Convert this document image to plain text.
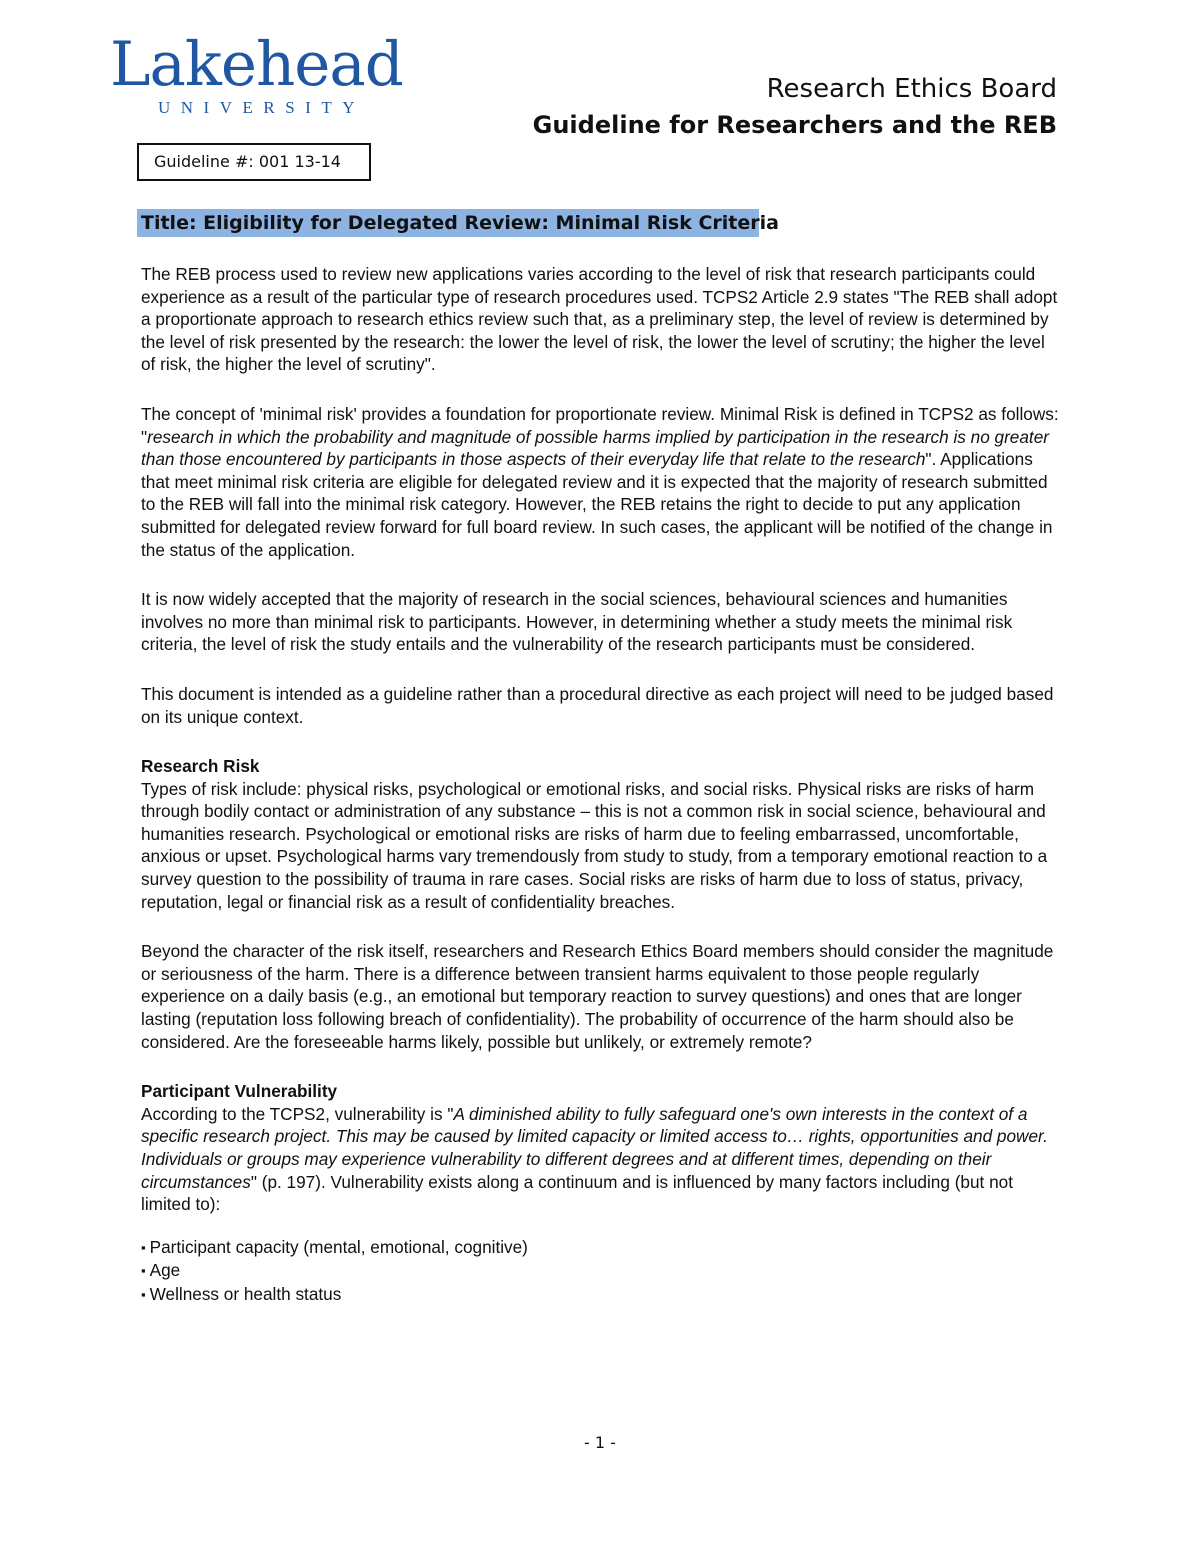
Lakehead
UNIVERSITY
Research Ethics Board
Guideline for Researchers and the REB
Guideline #: 001 13-14
Title: Eligibility for Delegated Review: Minimal Risk Criteria

The REB process used to review new applications varies according to the level of risk that research participants could experience as a result of the particular type of research procedures used. TCPS2 Article 2.9 states "The REB shall adopt a proportionate approach to research ethics review such that, as a preliminary step, the level of review is determined by the level of risk presented by the research: the lower the level of risk, the lower the level of scrutiny; the higher the level of risk, the higher the level of scrutiny".

The concept of 'minimal risk' provides a foundation for proportionate review. Minimal Risk is defined in TCPS2 as follows: "research in which the probability and magnitude of possible harms implied by participation in the research is no greater than those encountered by participants in those aspects of their everyday life that relate to the research". Applications that meet minimal risk criteria are eligible for delegated review and it is expected that the majority of research submitted to the REB will fall into the minimal risk category. However, the REB retains the right to decide to put any application submitted for delegated review forward for full board review. In such cases, the applicant will be notified of the change in the status of the application.

It is now widely accepted that the majority of research in the social sciences, behavioural sciences and humanities involves no more than minimal risk to participants. However, in determining whether a study meets the minimal risk criteria, the level of risk the study entails and the vulnerability of the research participants must be considered.

This document is intended as a guideline rather than a procedural directive as each project will need to be judged based on its unique context.

Research Risk

Types of risk include: physical risks, psychological or emotional risks, and social risks. Physical risks are risks of harm through bodily contact or administration of any substance – this is not a common risk in social science, behavioural and humanities research. Psychological or emotional risks are risks of harm due to feeling embarrassed, uncomfortable, anxious or upset. Psychological harms vary tremendously from study to study, from a temporary emotional reaction to a survey question to the possibility of trauma in rare cases. Social risks are risks of harm due to loss of status, privacy, reputation, legal or financial risk as a result of confidentiality breaches.

Beyond the character of the risk itself, researchers and Research Ethics Board members should consider the magnitude or seriousness of the harm. There is a difference between transient harms equivalent to those people regularly experience on a daily basis (e.g., an emotional but temporary reaction to survey questions) and ones that are longer lasting (reputation loss following breach of confidentiality). The probability of occurrence of the harm should also be considered. Are the foreseeable harms likely, possible but unlikely, or extremely remote?

Participant Vulnerability

According to the TCPS2, vulnerability is "A diminished ability to fully safeguard one's own interests in the context of a specific research project. This may be caused by limited capacity or limited access to… rights, opportunities and power. Individuals or groups may experience vulnerability to different degrees and at different times, depending on their circumstances" (p. 197). Vulnerability exists along a continuum and is influenced by many factors including (but not limited to):

▪ Participant capacity (mental, emotional, cognitive)
▪ Age
▪ Wellness or health status
- 1 -
